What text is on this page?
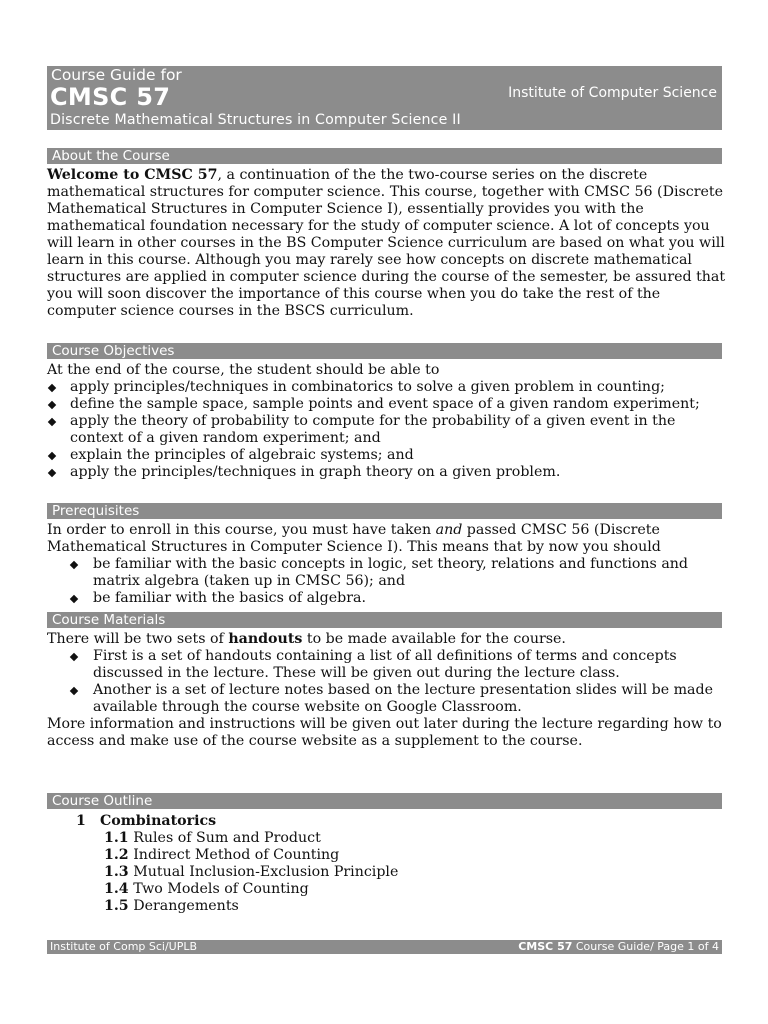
Course Guide for
CMSC 57	Institute of Computer Science
Discrete Mathematical Structures in Computer Science II
About the Course
Welcome to CMSC 57, a continuation of the the two-course series on the discrete mathematical structures for computer science. This course, together with CMSC 56 (Discrete Mathematical Structures in Computer Science I), essentially provides you with the mathematical foundation necessary for the study of computer science. A lot of concepts you will learn in other courses in the BS Computer Science curriculum are based on what you will learn in this course. Although you may rarely see how concepts on discrete mathematical structures are applied in computer science during the course of the semester, be assured that you will soon discover the importance of this course when you do take the rest of the computer science courses in the BSCS curriculum.
Course Objectives
At the end of the course, the student should be able to
apply principles/techniques in combinatorics to solve a given problem in counting;
define the sample space, sample points and event space of a given random experiment;
apply the theory of probability to compute for the probability of a given event in the context of a given random experiment; and
explain the principles of algebraic systems; and
apply the principles/techniques in graph theory on a given problem.
Prerequisites
In order to enroll in this course, you must have taken and passed CMSC 56 (Discrete Mathematical Structures in Computer Science I). This means that by now you should
be familiar with the basic concepts in logic, set theory, relations and functions and matrix algebra (taken up in CMSC 56); and
be familiar with the basics of algebra.
Course Materials
There will be two sets of handouts to be made available for the course.
First is a set of handouts containing a list of all definitions of terms and concepts discussed in the lecture. These will be given out during the lecture class.
Another is a set of lecture notes based on the lecture presentation slides will be made available through the course website on Google Classroom.
More information and instructions will be given out later during the lecture regarding how to access and make use of the course website as a supplement to the course.
Course Outline
1 Combinatorics
1.1 Rules of Sum and Product
1.2 Indirect Method of Counting
1.3 Mutual Inclusion-Exclusion Principle
1.4 Two Models of Counting
1.5 Derangements
Institute of Comp Sci/UPLB	CMSC 57 Course Guide/ Page 1 of 4
